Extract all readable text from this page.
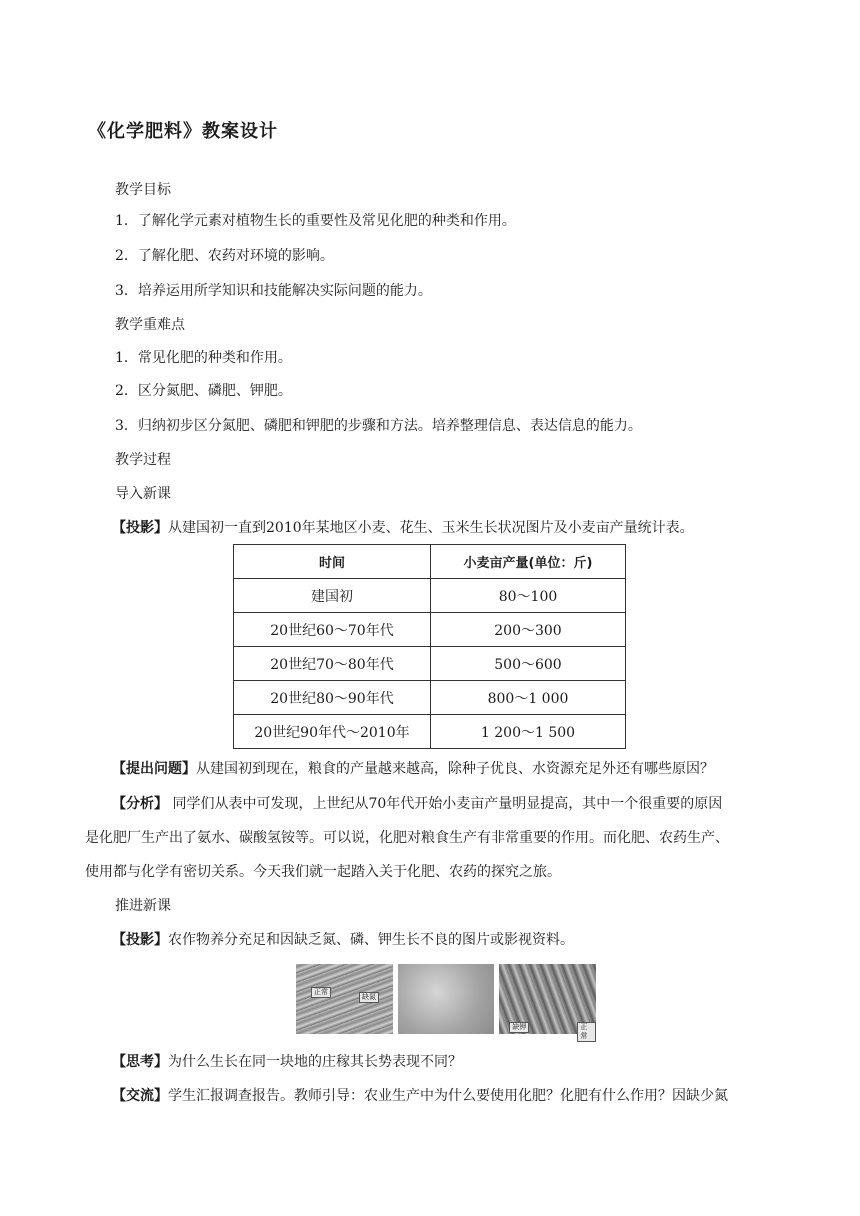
《化学肥料》教案设计
教学目标
1．了解化学元素对植物生长的重要性及常见化肥的种类和作用。
2．了解化肥、农药对环境的影响。
3．培养运用所学知识和技能解决实际问题的能力。
教学重难点
1．常见化肥的种类和作用。
2．区分氮肥、磷肥、钾肥。
3．归纳初步区分氮肥、磷肥和钾肥的步骤和方法。培养整理信息、表达信息的能力。
教学过程
导入新课
【投影】从建国初一直到2010年某地区小麦、花生、玉米生长状况图片及小麦亩产量统计表。
时间	小麦亩产量(单位：斤)
建国初	80～100
20世纪60～70年代	200～300
20世纪70～80年代	500～600
20世纪80～90年代	800～1 000
20世纪90年代～2010年	1 200～1 500
【提出问题】从建国初到现在，粮食的产量越来越高，除种子优良、水资源充足外还有哪些原因？
【分析】 同学们从表中可发现，上世纪从70年代开始小麦亩产量明显提高，其中一个很重要的原因
是化肥厂生产出了氨水、碳酸氢铵等。可以说，化肥对粮食生产有非常重要的作用。而化肥、农药生产、
使用都与化学有密切关系。今天我们就一起踏入关于化肥、农药的探究之旅。
推进新课
【投影】农作物养分充足和因缺乏氮、磷、钾生长不良的图片或影视资料。
正常
缺氮
缺钾	正常
【思考】为什么生长在同一块地的庄稼其长势表现不同？
【交流】学生汇报调查报告。教师引导：农业生产中为什么要使用化肥？化肥有什么作用？因缺少氮
